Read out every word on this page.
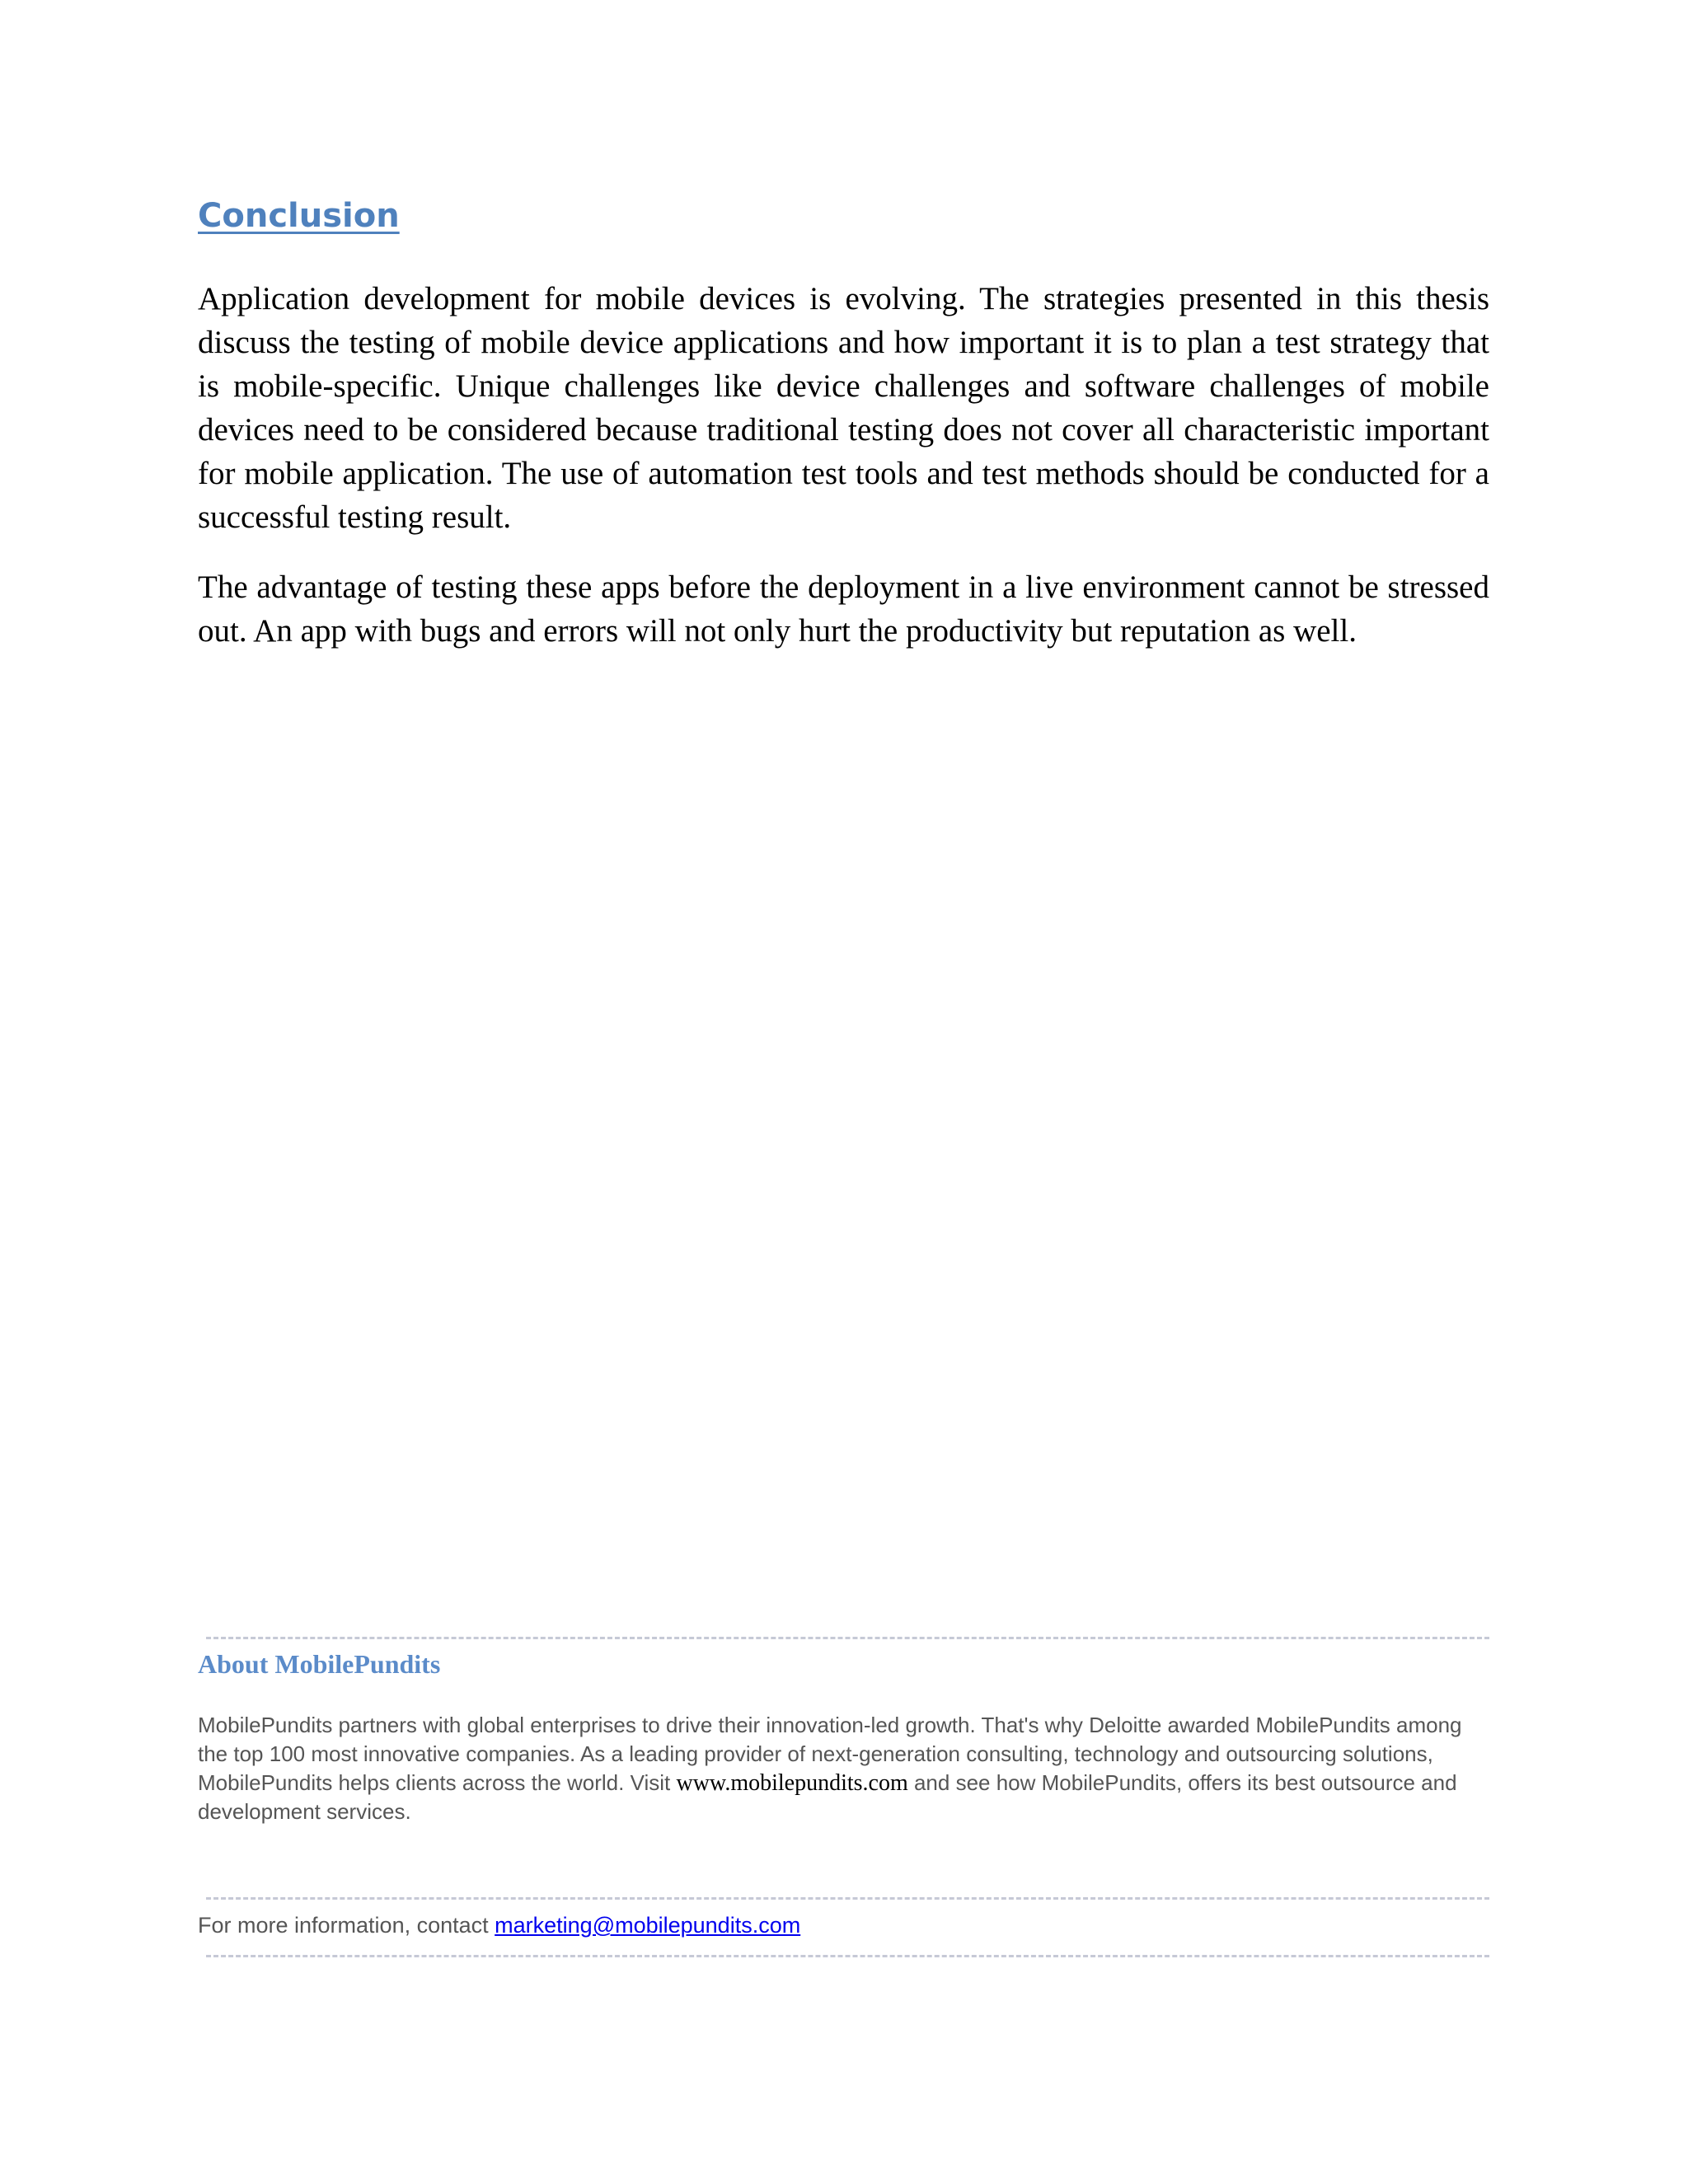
Conclusion

Application development for mobile devices is evolving. The strategies presented in this thesis discuss the testing of mobile device applications and how important it is to plan a test strategy that is mobile-specific. Unique challenges like device challenges and software challenges of mobile devices need to be considered because traditional testing does not cover all characteristic important for mobile application. The use of automation test tools and test methods should be conducted for a successful testing result.

The advantage of testing these apps before the deployment in a live environment cannot be stressed out. An app with bugs and errors will not only hurt the productivity but reputation as well.

About MobilePundits

MobilePundits partners with global enterprises to drive their innovation-led growth. That's why Deloitte awarded MobilePundits among the top 100 most innovative companies. As a leading provider of next-generation consulting, technology and outsourcing solutions, MobilePundits helps clients across the world. Visit www.mobilepundits.com and see how MobilePundits, offers its best outsource and development services.

For more information, contact marketing@mobilepundits.com
